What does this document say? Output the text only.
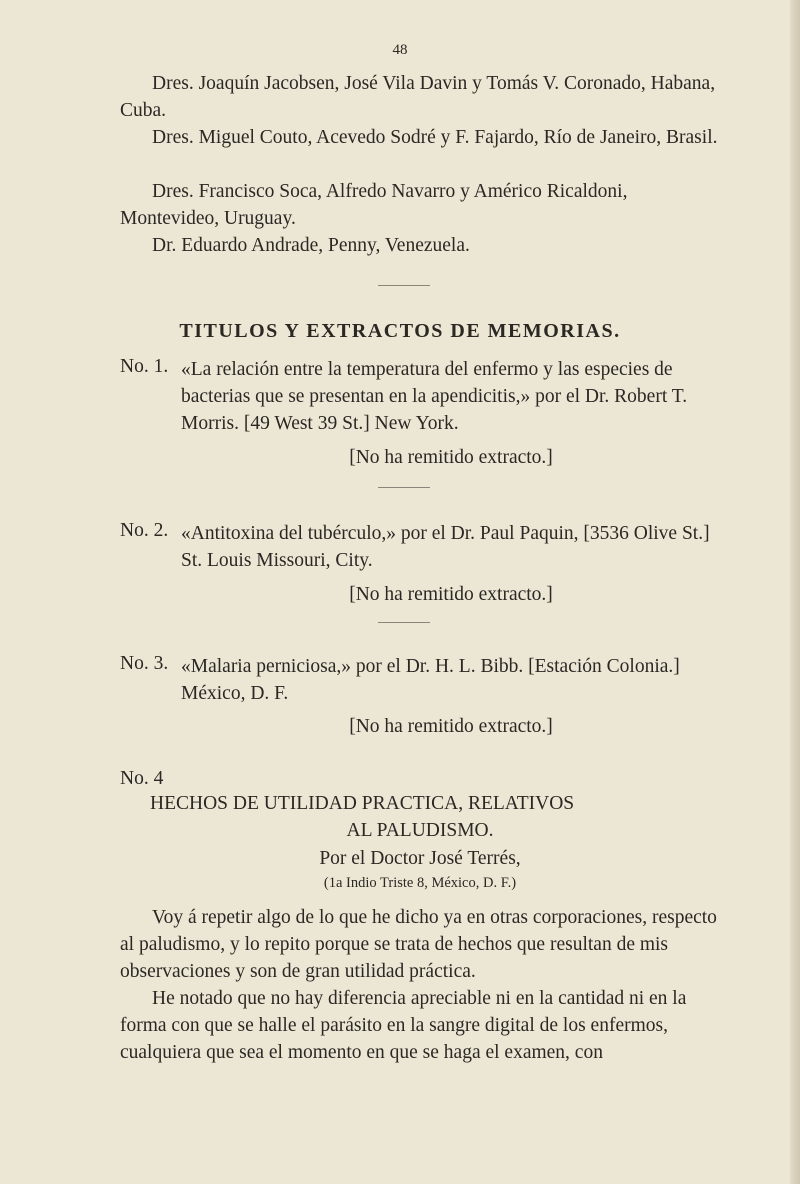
48

Dres. Joaquín Jacobsen, José Vila Davin y Tomás V. Coronado, Habana, Cuba.

Dres. Miguel Couto, Acevedo Sodré y F. Fajardo, Río de Janeiro, Brasil.

Dres. Francisco Soca, Alfredo Navarro y Américo Ricaldoni, Montevideo, Uruguay.

Dr. Eduardo Andrade, Penny, Venezuela.

TITULOS Y EXTRACTOS DE MEMORIAS.
No. 1. «La relación entre la temperatura del enfermo y las especies de bacterias que se presentan en la apendicitis,» por el Dr. Robert T. Morris. [49 West 39 St.] New York.

[No ha remitido extracto.]
No. 2. «Antitoxina del tubérculo,» por el Dr. Paul Paquin, [3536 Olive St.] St. Louis Missouri, City.

[No ha remitido extracto.]
No. 3. «Malaria perniciosa,» por el Dr. H. L. Bibb. [Estación Colonia.] México, D. F.

[No ha remitido extracto.]
No. 4
HECHOS DE UTILIDAD PRACTICA, RELATIVOS
AL PALUDISMO.
Por el Doctor José Terrés,
(1a Indio Triste 8, México, D. F.)

Voy á repetir algo de lo que he dicho ya en otras corporaciones, respecto al paludismo, y lo repito porque se trata de hechos que resultan de mis observaciones y son de gran utilidad práctica.

He notado que no hay diferencia apreciable ni en la cantidad ni en la forma con que se halle el parásito en la sangre digital de los enfermos, cualquiera que sea el momento en que se haga el examen, con
